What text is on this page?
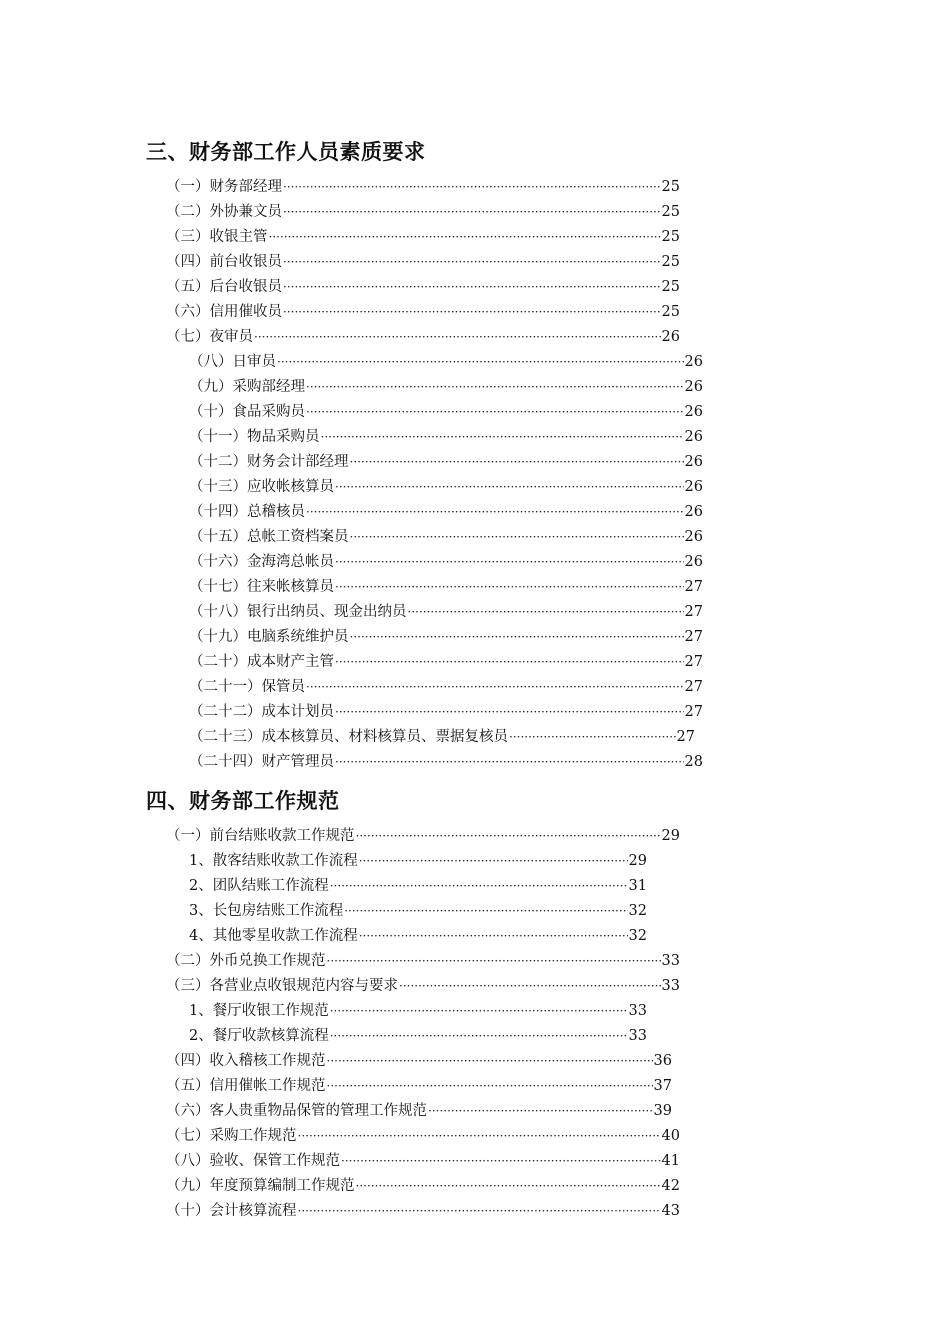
三、财务部工作人员素质要求
（一）财务部经理 ·····	25
（二）外协兼文员 ·····	25
（三）收银主管 ·····	25
（四）前台收银员 ·····	25
（五）后台收银员 ·····	25
（六）信用催收员 ·····	25
（七）夜审员 ·····	26
（八）日审员 ·····	26
（九）采购部经理 ·····	26
（十）食品采购员 ·····	26
（十一）物品采购员 ·····	26
（十二）财务会计部经理 ·····	26
（十三）应收帐核算员 ·····	26
（十四）总稽核员 ·····	26
（十五）总帐工资档案员 ·····	26
（十六）金海湾总帐员 ·····	26
（十七）往来帐核算员 ·····	27
（十八）银行出纳员、现金出纳员 ·····	27
（十九）电脑系统维护员 ·····	27
（二十）成本财产主管 ·····	27
（二十一）保管员 ·····	27
（二十二）成本计划员 ·····	27
（二十三）成本核算员、材料核算员、票据复核员 ·····	27
（二十四）财产管理员 ·····	28
四、财务部工作规范
（一）前台结账收款工作规范 ·····	29
1、散客结账收款工作流程 ·····	29
2、团队结账工作流程 ·····	31
3、长包房结账工作流程 ·····	32
4、其他零星收款工作流程 ·····	32
（二）外币兑换工作规范 ·····	33
（三）各营业点收银规范内容与要求 ·····	33
1、餐厅收银工作规范 ·····	33
2、餐厅收款核算流程 ·····	33
（四）收入稽核工作规范 ·····	36
（五）信用催帐工作规范 ·····	37
（六）客人贵重物品保管的管理工作规范 ·····	39
（七）采购工作规范 ·····	40
（八）验收、保管工作规范 ·····	41
（九）年度预算编制工作规范 ·····	42
（十）会计核算流程 ·····	43
